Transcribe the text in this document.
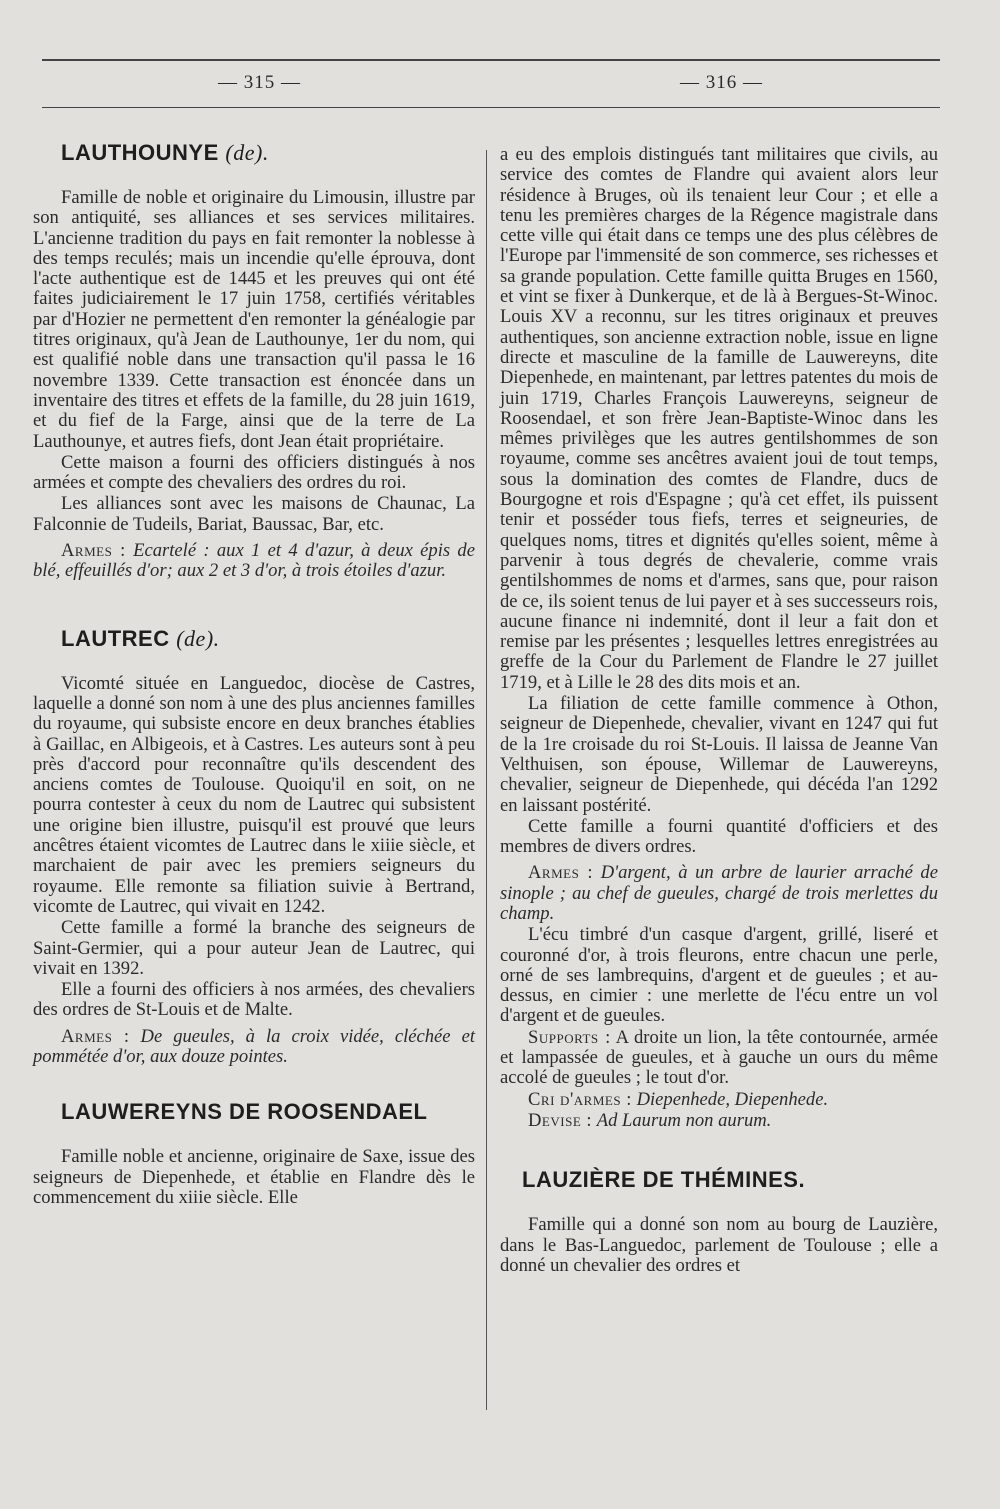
— 315 —	— 316 —
LAUTHOUNYE (de).

Famille de noble et originaire du Limousin, illustre par son antiquité, ses alliances et ses services militaires. L'ancienne tradition du pays en fait remonter la noblesse à des temps reculés; mais un incendie qu'elle éprouva, dont l'acte authentique est de 1445 et les preuves qui ont été faites judiciairement le 17 juin 1758, certifiés véritables par d'Hozier ne permettent d'en remonter la généalogie par titres originaux, qu'à Jean de Lauthounye, 1er du nom, qui est qualifié noble dans une transaction qu'il passa le 16 novembre 1339. Cette transaction est énoncée dans un inventaire des titres et effets de la famille, du 28 juin 1619, et du fief de la Farge, ainsi que de la terre de La Lauthounye, et autres fiefs, dont Jean était propriétaire.

Cette maison a fourni des officiers distingués à nos armées et compte des chevaliers des ordres du roi.

Les alliances sont avec les maisons de Chaunac, La Falconnie de Tudeils, Bariat, Baussac, Bar, etc.

Armes : Ecartelé : aux 1 et 4 d'azur, à deux épis de blé, effeuillés d'or; aux 2 et 3 d'or, à trois étoiles d'azur.

LAUTREC (de).

Vicomté située en Languedoc, diocèse de Castres, laquelle a donné son nom à une des plus anciennes familles du royaume, qui subsiste encore en deux branches établies à Gaillac, en Albigeois, et à Castres. Les auteurs sont à peu près d'accord pour reconnaître qu'ils descendent des anciens comtes de Toulouse. Quoiqu'il en soit, on ne pourra contester à ceux du nom de Lautrec qui subsistent une origine bien illustre, puisqu'il est prouvé que leurs ancêtres étaient vicomtes de Lautrec dans le xiiie siècle, et marchaient de pair avec les premiers seigneurs du royaume. Elle remonte sa filiation suivie à Bertrand, vicomte de Lautrec, qui vivait en 1242.

Cette famille a formé la branche des seigneurs de Saint-Germier, qui a pour auteur Jean de Lautrec, qui vivait en 1392.

Elle a fourni des officiers à nos armées, des chevaliers des ordres de St-Louis et de Malte.

Armes : De gueules, à la croix vidée, cléchée et pommétée d'or, aux douze pointes.

LAUWEREYNS DE ROOSENDAEL

Famille noble et ancienne, originaire de Saxe, issue des seigneurs de Diepenhede, et établie en Flandre dès le commencement du xiiie siècle. Elle

a eu des emplois distingués tant militaires que civils, au service des comtes de Flandre qui avaient alors leur résidence à Bruges, où ils tenaient leur Cour ; et elle a tenu les premières charges de la Régence magistrale dans cette ville qui était dans ce temps une des plus célèbres de l'Europe par l'immensité de son commerce, ses richesses et sa grande population. Cette famille quitta Bruges en 1560, et vint se fixer à Dunkerque, et de là à Bergues-St-Winoc. Louis XV a reconnu, sur les titres originaux et preuves authentiques, son ancienne extraction noble, issue en ligne directe et masculine de la famille de Lauwereyns, dite Diepenhede, en maintenant, par lettres patentes du mois de juin 1719, Charles François Lauwereyns, seigneur de Roosendael, et son frère Jean-Baptiste-Winoc dans les mêmes privilèges que les autres gentilshommes de son royaume, comme ses ancêtres avaient joui de tout temps, sous la domination des comtes de Flandre, ducs de Bourgogne et rois d'Espagne ; qu'à cet effet, ils puissent tenir et posséder tous fiefs, terres et seigneuries, de quelques noms, titres et dignités qu'elles soient, même à parvenir à tous degrés de chevalerie, comme vrais gentilshommes de noms et d'armes, sans que, pour raison de ce, ils soient tenus de lui payer et à ses successeurs rois, aucune finance ni indemnité, dont il leur a fait don et remise par les présentes ; lesquelles lettres enregistrées au greffe de la Cour du Parlement de Flandre le 27 juillet 1719, et à Lille le 28 des dits mois et an.

La filiation de cette famille commence à Othon, seigneur de Diepenhede, chevalier, vivant en 1247 qui fut de la 1re croisade du roi St-Louis. Il laissa de Jeanne Van Velthuisen, son épouse, Willemar de Lauwereyns, chevalier, seigneur de Diepenhede, qui décéda l'an 1292 en laissant postérité.

Cette famille a fourni quantité d'officiers et des membres de divers ordres.

Armes : D'argent, à un arbre de laurier arraché de sinople ; au chef de gueules, chargé de trois merlettes du champ.

L'écu timbré d'un casque d'argent, grillé, liseré et couronné d'or, à trois fleurons, entre chacun une perle, orné de ses lambrequins, d'argent et de gueules ; et au-dessus, en cimier : une merlette de l'écu entre un vol d'argent et de gueules.

Supports : A droite un lion, la tête contournée, armée et lampassée de gueules, et à gauche un ours du même accolé de gueules ; le tout d'or.

Cri d'armes : Diepenhede, Diepenhede.

Devise : Ad Laurum non aurum.

LAUZIÈRE DE THÉMINES.

Famille qui a donné son nom au bourg de Lauzière, dans le Bas-Languedoc, parlement de Toulouse ; elle a donné un chevalier des ordres et
